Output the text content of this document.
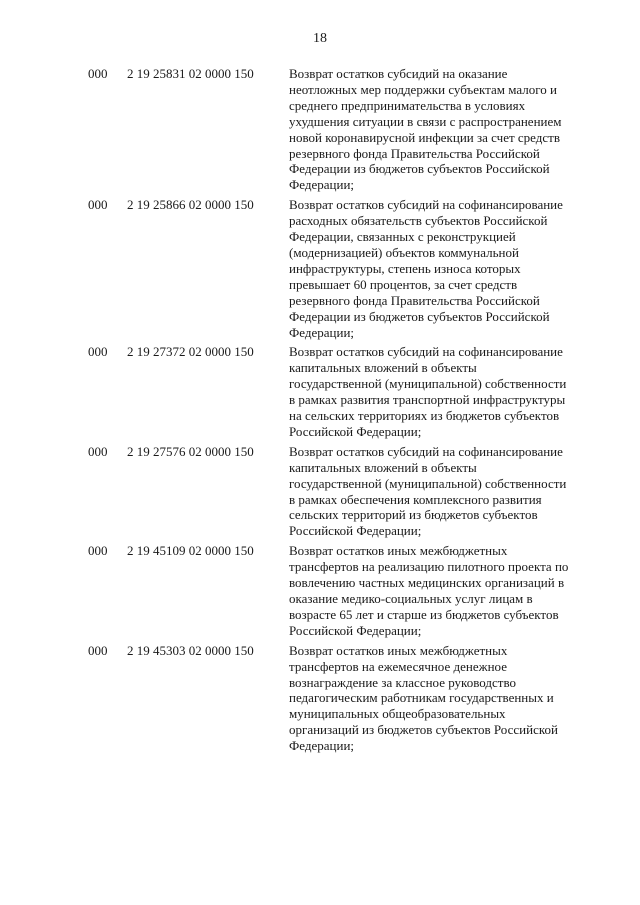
18
000 2 19 25831 02 0000 150	Возврат остатков субсидий на оказание
неотложных мер поддержки субъектам малого и
среднего предпринимательства в условиях
ухудшения ситуации в связи с распространением
новой коронавирусной инфекции за счет средств
резервного фонда Правительства Российской
Федерации из бюджетов субъектов Российской
Федерации;
000 2 19 25866 02 0000 150	Возврат остатков субсидий на софинансирование
расходных обязательств субъектов Российской
Федерации, связанных с реконструкцией
(модернизацией) объектов коммунальной
инфраструктуры, степень износа которых
превышает 60 процентов, за счет средств
резервного фонда Правительства Российской
Федерации из бюджетов субъектов Российской
Федерации;
000 2 19 27372 02 0000 150	Возврат остатков субсидий на софинансирование
капитальных вложений в объекты
государственной (муниципальной) собственности
в рамках развития транспортной инфраструктуры
на сельских территориях из бюджетов субъектов
Российской Федерации;
000 2 19 27576 02 0000 150	Возврат остатков субсидий на софинансирование
капитальных вложений в объекты
государственной (муниципальной) собственности
в рамках обеспечения комплексного развития
сельских территорий из бюджетов субъектов
Российской Федерации;
000 2 19 45109 02 0000 150	Возврат остатков иных межбюджетных
трансфертов на реализацию пилотного проекта по
вовлечению частных медицинских организаций в
оказание медико-социальных услуг лицам в
возрасте 65 лет и старше из бюджетов субъектов
Российской Федерации;
000 2 19 45303 02 0000 150	Возврат остатков иных межбюджетных
трансфертов на ежемесячное денежное
вознаграждение за классное руководство
педагогическим работникам государственных и
муниципальных общеобразовательных
организаций из бюджетов субъектов Российской
Федерации;
